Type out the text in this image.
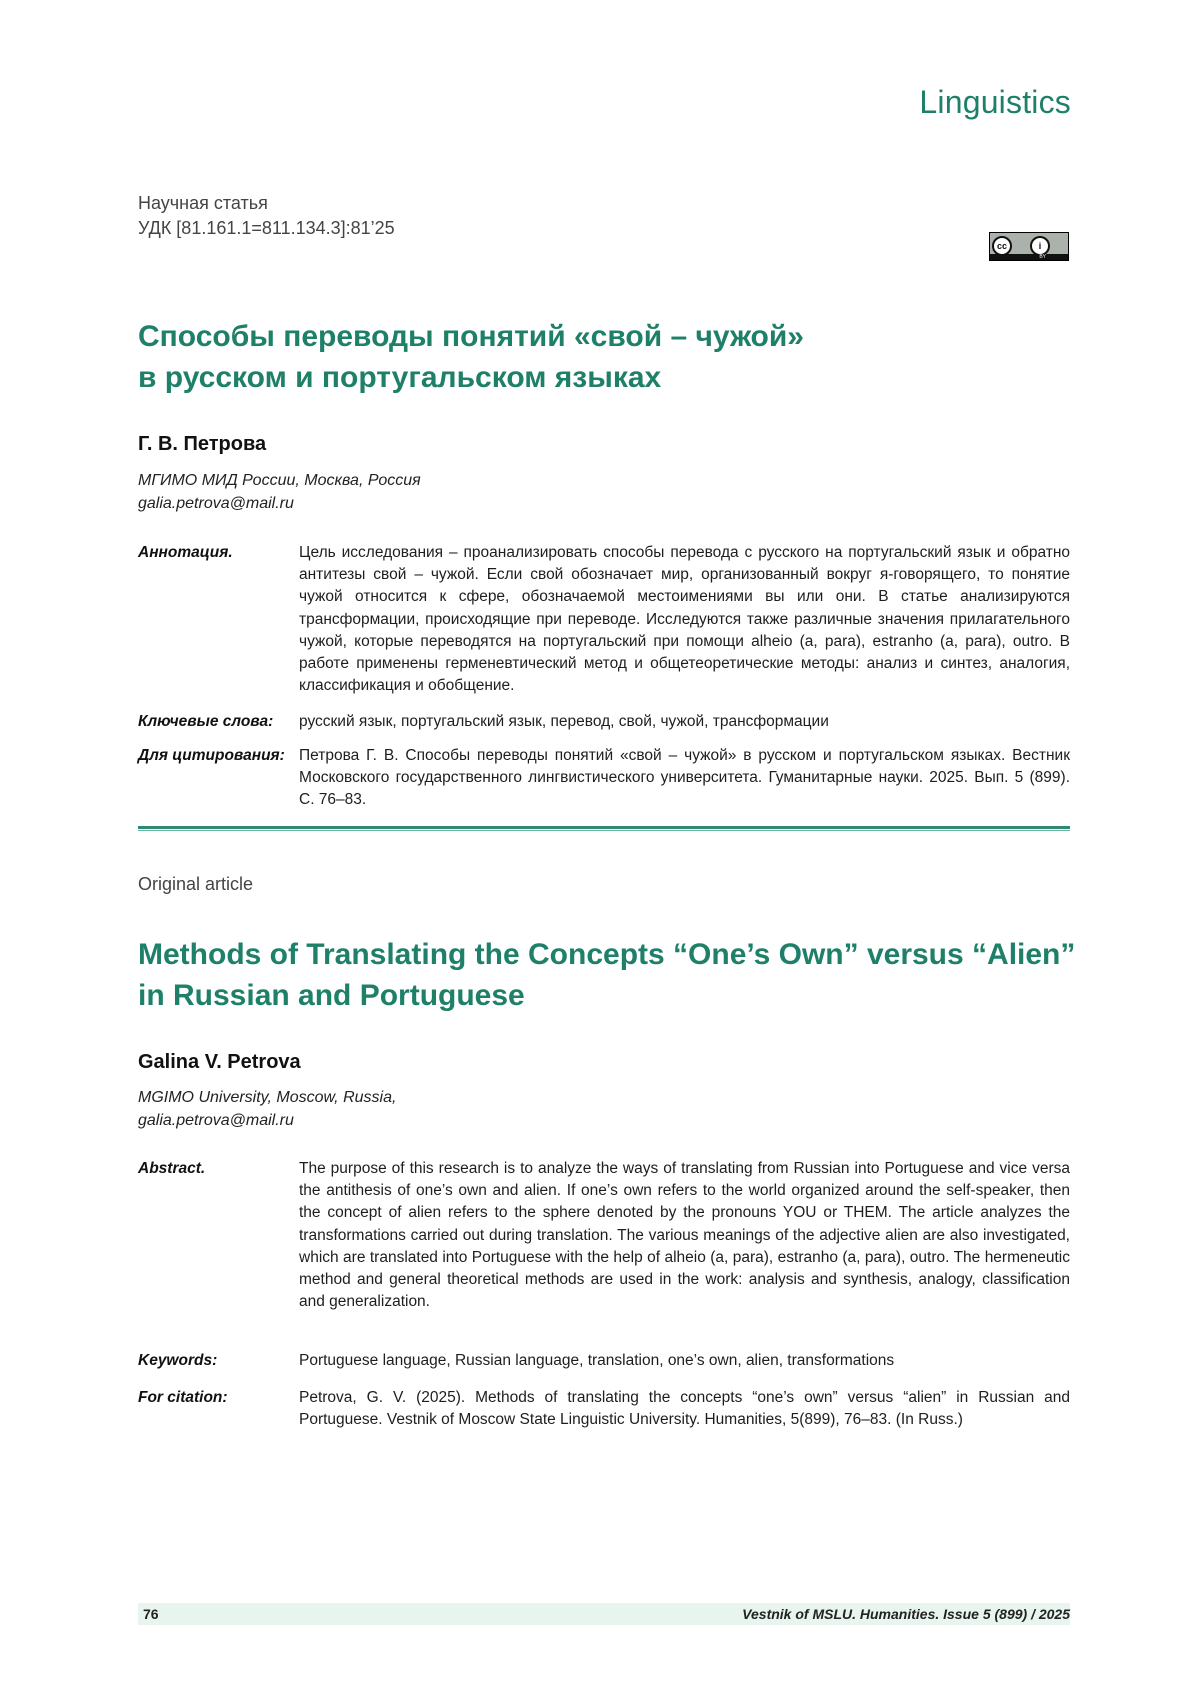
Linguistics
Научная статья
УДК [81.161.1=811.134.3]:81’25
cc	i
BY
Способы переводы понятий «свой – чужой»
в русском и португальском языках
Г. В. Петрова
МГИМО МИД России, Москва, Россия
galia.petrova@mail.ru
Аннотация.	Цель исследования – проанализировать способы перевода с русского на португальский язык и обратно антитезы свой – чужой. Если свой обозначает мир, организованный вокруг я-говорящего, то понятие чужой относится к сфере, обозначаемой местоимениями вы или они. В статье анализируются трансформации, происходящие при переводе. Исследуются также различные значения прилагательного чужой, которые переводятся на португальский при помощи alheio (a, para), estranho (a, para), outro. В работе применены герменевтический метод и общетеоретические методы: анализ и синтез, аналогия, классификация и обобщение.
Ключевые слова:	русский язык, португальский язык, перевод, свой, чужой, трансформации
Для цитирования: Петрова Г. В. Способы переводы понятий «свой – чужой» в русском и португальском языках. Вестник Московского государственного лингвистического университета. Гуманитарные науки. 2025. Вып. 5 (899). С. 76–83.
Original article
Methods of Translating the Concepts “One’s Own” versus “Alien”
in Russian and Portuguese
Galina V. Petrova
MGIMO University, Moscow, Russia,
galia.petrova@mail.ru
Abstract.	The purpose of this research is to analyze the ways of translating from Russian into Portuguese and vice versa the antithesis of one’s own and alien. If one’s own refers to the world organized around the self-speaker, then the concept of alien refers to the sphere denoted by the pronouns YOU or THEM. The article analyzes the transformations carried out during translation. The various meanings of the adjective alien are also investigated, which are translated into Portuguese with the help of alheio (a, para), estranho (a, para), outro. The hermeneutic method and general theoretical methods are used in the work: analysis and synthesis, analogy, classification and generalization.
Keywords:	Portuguese language, Russian language, translation, one’s own, alien, transformations
For citation:	Petrova, G. V. (2025). Methods of translating the concepts “one’s own” versus “alien” in Russian and Portuguese. Vestnik of Moscow State Linguistic University. Humanities, 5(899), 76–83. (In Russ.)
76	Vestnik of MSLU. Humanities. Issue 5 (899) / 2025
